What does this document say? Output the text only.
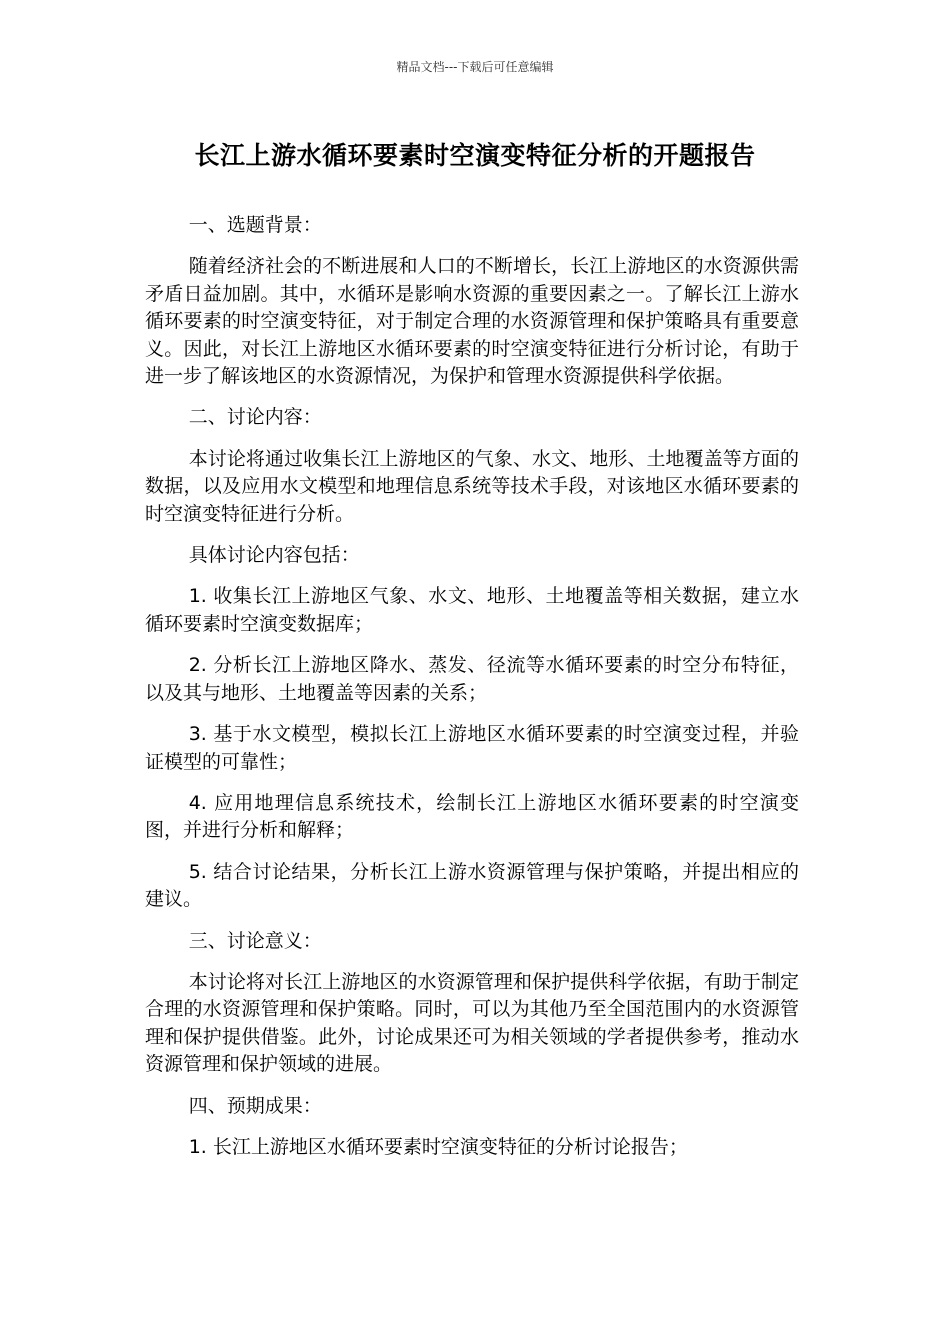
精品文档---下载后可任意编辑
长江上游水循环要素时空演变特征分析的开题报告

一、选题背景：

随着经济社会的不断进展和人口的不断增长，长江上游地区的水资源供需矛盾日益加剧。其中，水循环是影响水资源的重要因素之一。了解长江上游水循环要素的时空演变特征，对于制定合理的水资源管理和保护策略具有重要意义。因此，对长江上游地区水循环要素的时空演变特征进行分析讨论，有助于进一步了解该地区的水资源情况，为保护和管理水资源提供科学依据。

二、讨论内容：

本讨论将通过收集长江上游地区的气象、水文、地形、土地覆盖等方面的数据，以及应用水文模型和地理信息系统等技术手段，对该地区水循环要素的时空演变特征进行分析。

具体讨论内容包括：

1. 收集长江上游地区气象、水文、地形、土地覆盖等相关数据，建立水循环要素时空演变数据库；

2. 分析长江上游地区降水、蒸发、径流等水循环要素的时空分布特征，以及其与地形、土地覆盖等因素的关系；

3. 基于水文模型，模拟长江上游地区水循环要素的时空演变过程，并验证模型的可靠性；

4. 应用地理信息系统技术，绘制长江上游地区水循环要素的时空演变图，并进行分析和解释；

5. 结合讨论结果，分析长江上游水资源管理与保护策略，并提出相应的建议。

三、讨论意义：

本讨论将对长江上游地区的水资源管理和保护提供科学依据，有助于制定合理的水资源管理和保护策略。同时，可以为其他乃至全国范围内的水资源管理和保护提供借鉴。此外，讨论成果还可为相关领域的学者提供参考，推动水资源管理和保护领域的进展。

四、预期成果：

1. 长江上游地区水循环要素时空演变特征的分析讨论报告；
